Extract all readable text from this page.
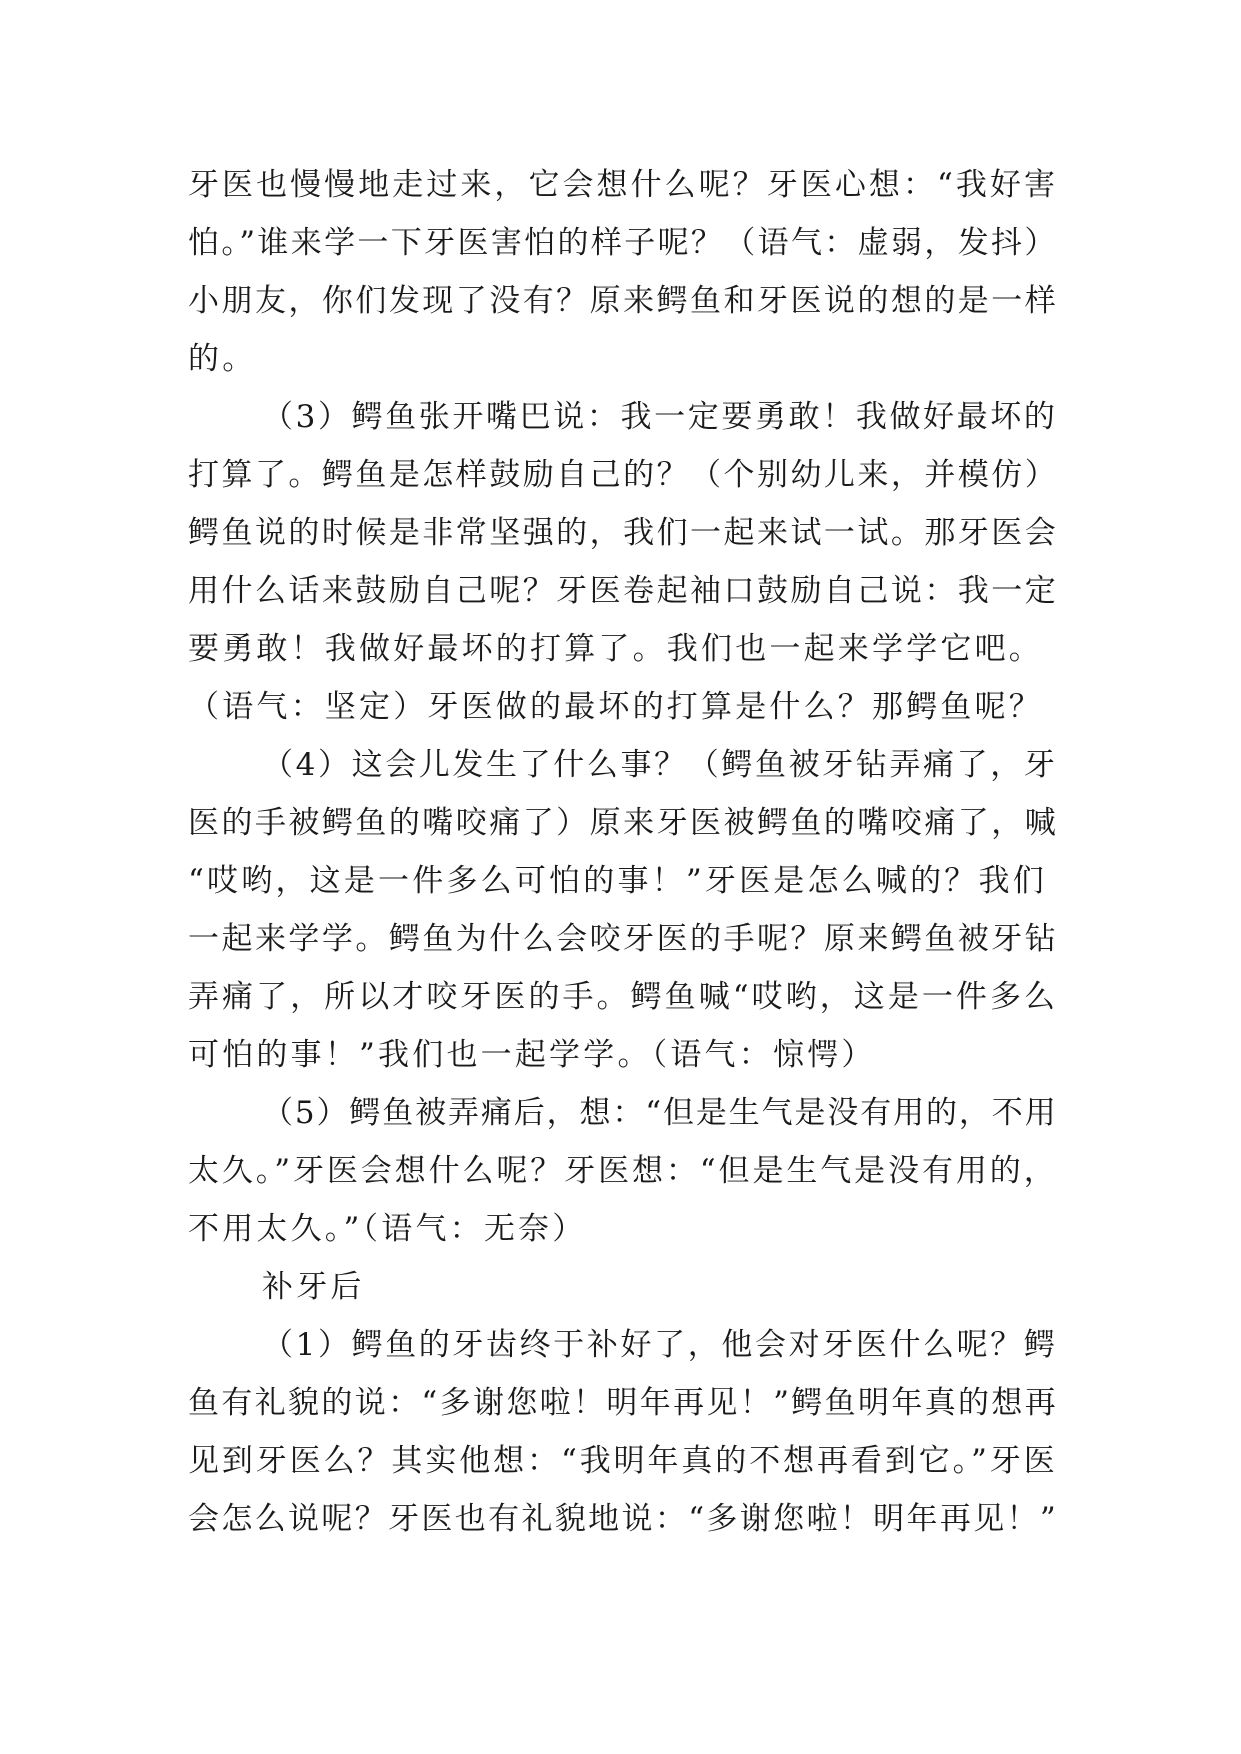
牙医也慢慢地走过来，它会想什么呢？牙医心想：“我好害
怕。”谁来学一下牙医害怕的样子呢？（语气：虚弱，发抖）
小朋友，你们发现了没有？原来鳄鱼和牙医说的想的是一样
的。
（3）鳄鱼张开嘴巴说：我一定要勇敢！我做好最坏的
打算了。鳄鱼是怎样鼓励自己的？（个别幼儿来，并模仿）
鳄鱼说的时候是非常坚强的，我们一起来试一试。那牙医会
用什么话来鼓励自己呢？牙医卷起袖口鼓励自己说：我一定
要勇敢！我做好最坏的打算了。我们也一起来学学它吧。
（语气：坚定）牙医做的最坏的打算是什么？那鳄鱼呢？
（4）这会儿发生了什么事？（鳄鱼被牙钻弄痛了，牙
医的手被鳄鱼的嘴咬痛了）原来牙医被鳄鱼的嘴咬痛了，喊
“哎哟，这是一件多么可怕的事！”牙医是怎么喊的？我们
一起来学学。鳄鱼为什么会咬牙医的手呢？原来鳄鱼被牙钻
弄痛了，所以才咬牙医的手。鳄鱼喊“哎哟，这是一件多么
可怕的事！”我们也一起学学。（语气：惊愕）
（5）鳄鱼被弄痛后，想：“但是生气是没有用的，不用
太久。”牙医会想什么呢？牙医想：“但是生气是没有用的，
不用太久。”（语气：无奈）
补牙后
（1）鳄鱼的牙齿终于补好了，他会对牙医什么呢？鳄
鱼有礼貌的说：“多谢您啦！明年再见！”鳄鱼明年真的想再
见到牙医么？其实他想：“我明年真的不想再看到它。”牙医
会怎么说呢？牙医也有礼貌地说：“多谢您啦！明年再见！”
